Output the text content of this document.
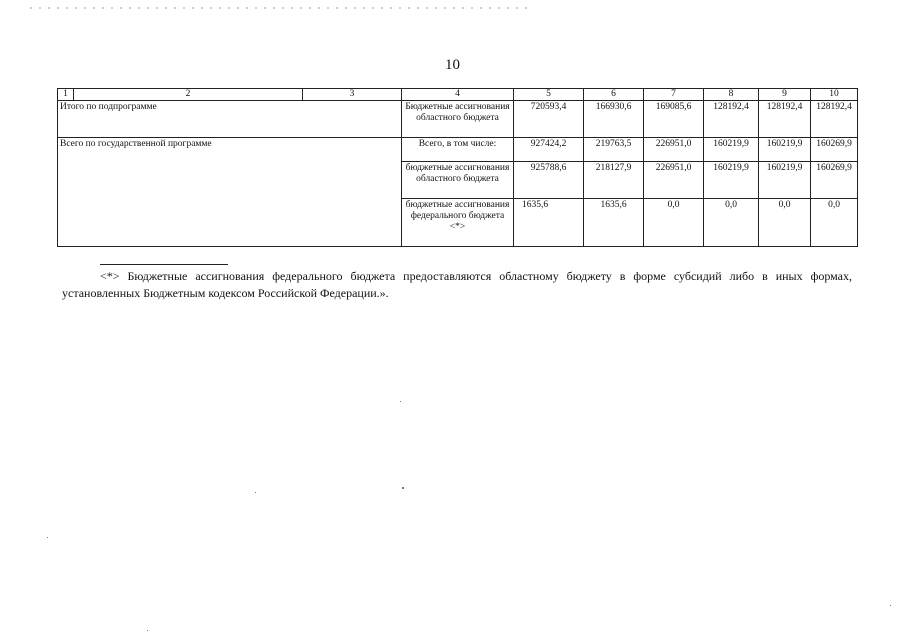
10
1	2	3	4	5	6	7	8	9	10
Итого по подпрограмме			Бюджетные ассигнования областного бюджета	720593,4	166930,6	169085,6	128192,4	128192,4	128192,4
Всего по государственной программе			Всего, в том числе:	927424,2	219763,5	226951,0	160219,9	160219,9	160269,9
			бюджетные ассигнования областного бюджета	925788,6	218127,9	226951,0	160219,9	160219,9	160269,9
			бюджетные ассигнования федерального бюджета <*>	1635,6	1635,6	0,0	0,0	0,0	0,0
<*> Бюджетные ассигнования федерального бюджета предоставляются областному бюджету в форме субсидий либо в иных формах, установленных Бюджетным кодексом Российской Федерации.».
